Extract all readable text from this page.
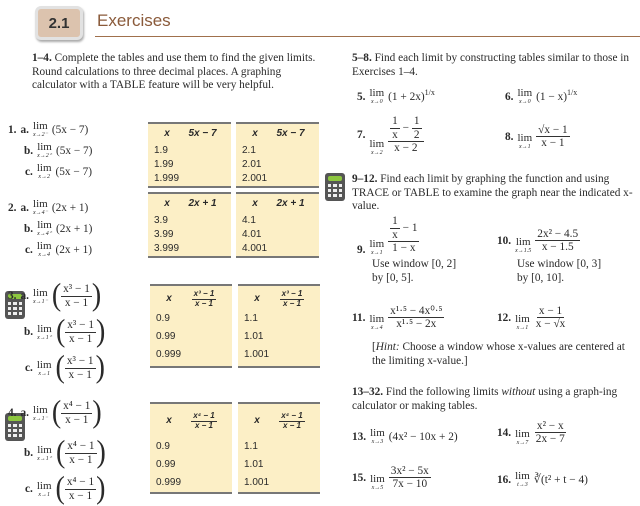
2.1 Exercises
1–4. Complete the tables and use them to find the given limits. Round calculations to three decimal places. A graphing calculator with a TABLE feature will be very helpful.
1. a. lim
x→2⁻ (5x − 7)
b. lim
x→2⁺ (5x − 7)
c. lim
x→2 (5x − 7)
x	5x − 7
1.9
1.99
1.999
x	5x − 7
2.1
2.01
2.001
2. a. lim
x→4⁻ (2x + 1)
b. lim
x→4⁺ (2x + 1)
c. lim
x→4 (2x + 1)
x	2x + 1
3.9
3.99
3.999
x	2x + 1
4.1
4.01
4.001
3. a. lim
x→1⁻ ( $\frac{\text{x³ − 1}}{x - 1}$ )
b. lim
x→1⁺ ( $\frac{\text{x³ − 1}}{x - 1}$ )
c. lim
x→1 ( $\frac{\text{x³ − 1}}{x - 1}$ )
x	$\frac{\text{x³ − 1}}{x - 1}$
0.9
0.99
0.999
x	$\frac{\text{x³ − 1}}{x - 1}$
1.1
1.01
1.001
4. a. lim
x→1⁻ ( $\frac{\text{x⁴ − 1}}{x - 1}$ )
b. lim
x→1⁺ ( $\frac{\text{x⁴ − 1}}{x - 1}$ )
c. lim
x→1 ( $\frac{\text{x⁴ − 1}}{x - 1}$ )
x	$\frac{\text{x⁴ − 1}}{x - 1}$
0.9
0.99
0.999
x	$\frac{\text{x⁴ − 1}}{x - 1}$
1.1
1.01
1.001
5–8. Find each limit by constructing tables similar to those in Exercises 1–4.
5. lim
x→0 $(1 + 2x)^{1/x}$	6. lim
x→0 $(1 - x)^{1/x}$
7.
lim
$x\to 2 \frac{1}{x}$
−
$\frac{1}{2}$
x − 2	8. lim
$x\to 1 \frac{√x - 1}{x - 1}$
9–12. Find each limit by graphing the function and using TRACE or TABLE to examine the graph near the indicated x-value.
9. lim
$x\to 1 \frac{1}{x}$
− 1
1 − x
Use window [0, 2]
by [0, 5].
10. lim
$x\to 1.5 \frac{\text{2x² − 4.5}}{x - 1.5}$
Use window [0, 3]
by [0, 10].
11. lim
$x\to 4 \frac{\text{x¹·⁵ − 4x⁰·⁵}}{\text{x¹·⁵ − 2x}}$	12. lim
$x\to 1 \frac{x - 1}{x - √x}$
[Hint: Choose a window whose x-values are centered at the limiting x-value.]
13–32. Find the following limits without using a graph-ing calculator or making tables.
13. lim
x→3 (4x² − 10x + 2)	14. lim
$x\to 7 \frac{\text{x² − x}}{2x - 7}$
15. lim
$x\to 5 \frac{\text{3x² − 5x}}{7x - 10}$	16. lim
t→3 ∛(t² + t − 4)
